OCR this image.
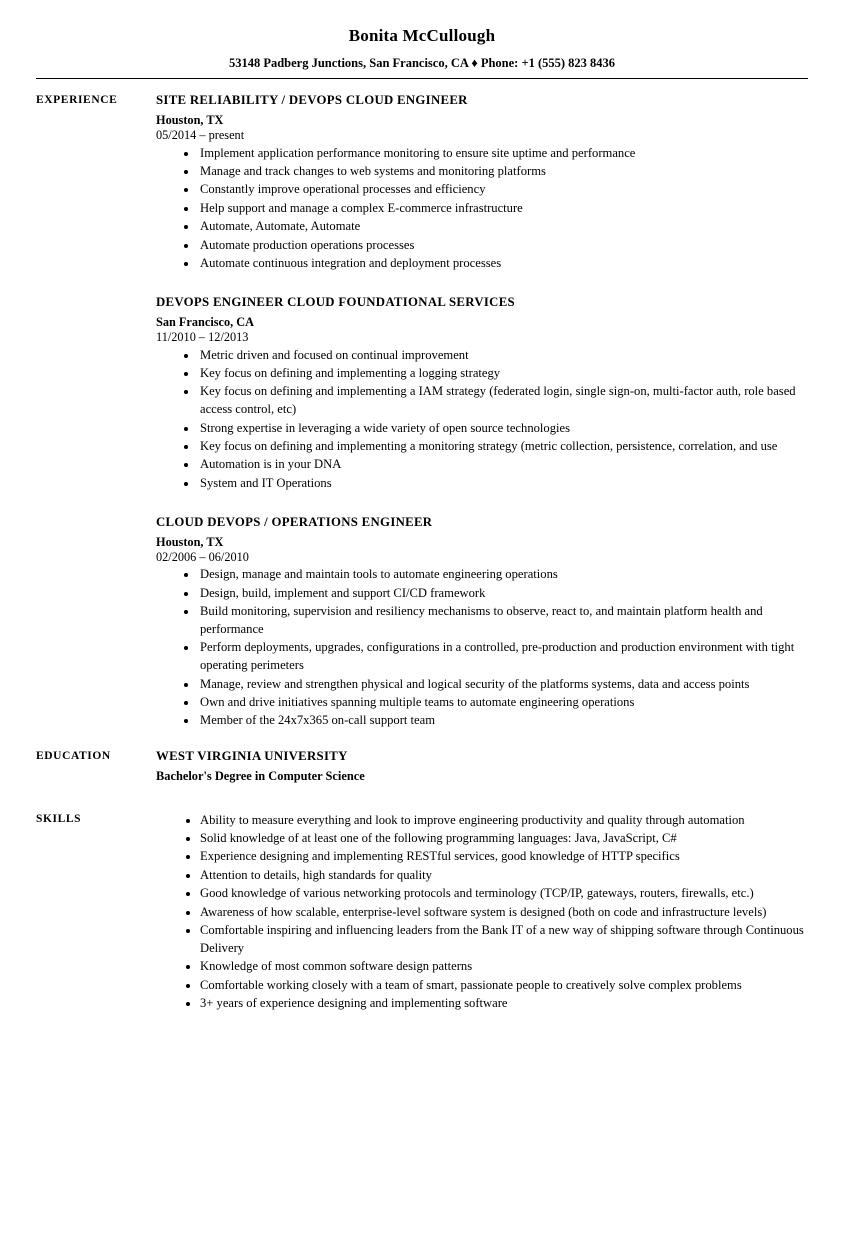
Bonita McCullough
53148 Padberg Junctions, San Francisco, CA ♦ Phone: +1 (555) 823 8436
EXPERIENCE	SITE RELIABILITY / DEVOPS CLOUD ENGINEER
Houston, TX
05/2014 – present
Implement application performance monitoring to ensure site uptime and performance
Manage and track changes to web systems and monitoring platforms
Constantly improve operational processes and efficiency
Help support and manage a complex E-commerce infrastructure
Automate, Automate, Automate
Automate production operations processes
Automate continuous integration and deployment processes
DEVOPS ENGINEER CLOUD FOUNDATIONAL SERVICES
San Francisco, CA
11/2010 – 12/2013
Metric driven and focused on continual improvement
Key focus on defining and implementing a logging strategy
Key focus on defining and implementing a IAM strategy (federated login, single sign-on, multi-factor auth, role based access control, etc)
Strong expertise in leveraging a wide variety of open source technologies
Key focus on defining and implementing a monitoring strategy (metric collection, persistence, correlation, and use
Automation is in your DNA
System and IT Operations
CLOUD DEVOPS / OPERATIONS ENGINEER
Houston, TX
02/2006 – 06/2010
Design, manage and maintain tools to automate engineering operations
Design, build, implement and support CI/CD framework
Build monitoring, supervision and resiliency mechanisms to observe, react to, and maintain platform health and performance
Perform deployments, upgrades, configurations in a controlled, pre-production and production environment with tight operating perimeters
Manage, review and strengthen physical and logical security of the platforms systems, data and access points
Own and drive initiatives spanning multiple teams to automate engineering operations
Member of the 24x7x365 on-call support team
EDUCATION	WEST VIRGINIA UNIVERSITY
Bachelor's Degree in Computer Science
SKILLS	Ability to measure everything and look to improve engineering productivity and quality through automation
Solid knowledge of at least one of the following programming languages: Java, JavaScript, C#
Experience designing and implementing RESTful services, good knowledge of HTTP specifics
Attention to details, high standards for quality
Good knowledge of various networking protocols and terminology (TCP/IP, gateways, routers, firewalls, etc.)
Awareness of how scalable, enterprise-level software system is designed (both on code and infrastructure levels)
Comfortable inspiring and influencing leaders from the Bank IT of a new way of shipping software through Continuous Delivery
Knowledge of most common software design patterns
Comfortable working closely with a team of smart, passionate people to creatively solve complex problems
3+ years of experience designing and implementing software
